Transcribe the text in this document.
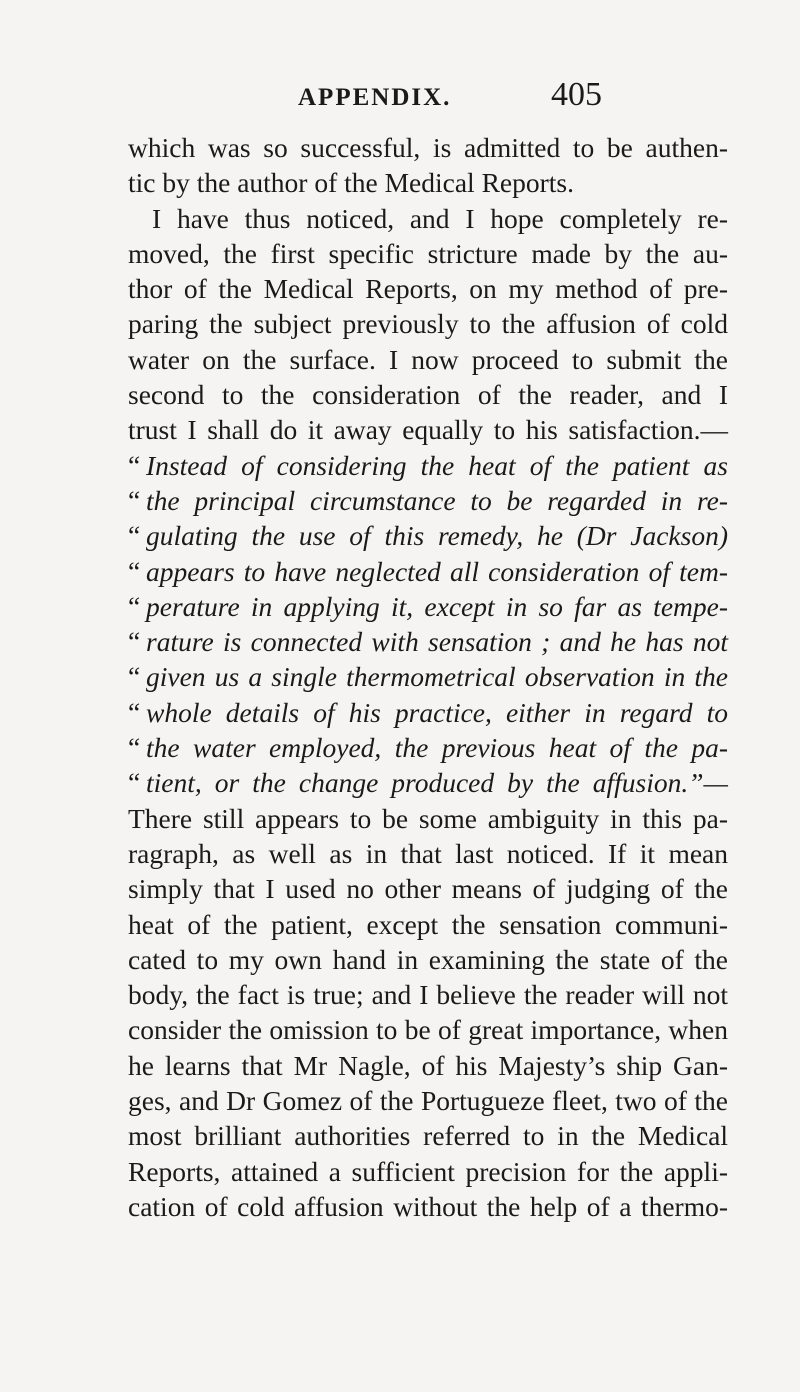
APPENDIX.	405
which was so successful, is admitted to be authen-
tic by the author of the Medical Reports.
I have thus noticed, and I hope completely re-
moved, the first specific stricture made by the au-
thor of the Medical Reports, on my method of pre-
paring the subject previously to the affusion of cold
water on the surface. I now proceed to submit the
second to the consideration of the reader, and I
trust I shall do it away equally to his satisfaction.—
“ Instead of considering the heat of the patient as
“ the principal circumstance to be regarded in re-
“ gulating the use of this remedy, he (Dr Jackson)
“ appears to have neglected all consideration of tem-
“ perature in applying it, except in so far as tempe-
“ rature is connected with sensation ; and he has not
“ given us a single thermometrical observation in the
“ whole details of his practice, either in regard to
“ the water employed, the previous heat of the pa-
“ tient, or the change produced by the affusion.”—
There still appears to be some ambiguity in this pa-
ragraph, as well as in that last noticed. If it mean
simply that I used no other means of judging of the
heat of the patient, except the sensation communi-
cated to my own hand in examining the state of the
body, the fact is true; and I believe the reader will not
consider the omission to be of great importance, when
he learns that Mr Nagle, of his Majesty’s ship Gan-
ges, and Dr Gomez of the Portugueze fleet, two of the
most brilliant authorities referred to in the Medical
Reports, attained a sufficient precision for the appli-
cation of cold affusion without the help of a thermo-
